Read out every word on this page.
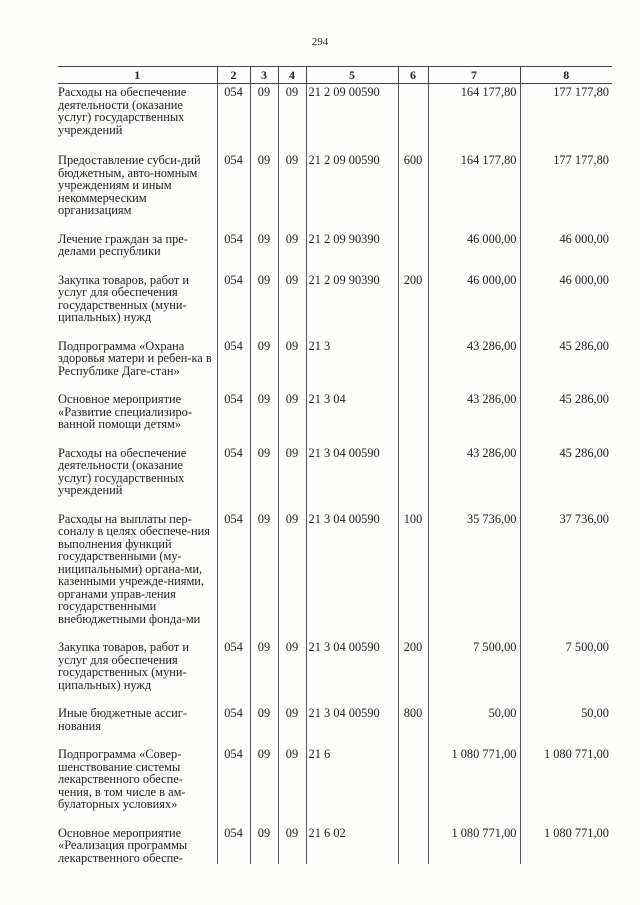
294
1	2	3	4	5	6	7	8
Расходы на обеспечение деятельности (оказание услуг) государственных учреждений	054	09	09	21 2 09 00590		164 177,80	177 177,80
Предоставление субси-дий бюджетным, авто-номным учреждениям и иным некоммерческим организациям	054	09	09	21 2 09 00590	600	164 177,80	177 177,80
Лечение граждан за пре-делами республики	054	09	09	21 2 09 90390		46 000,00	46 000,00
Закупка товаров, работ и услуг для обеспечения государственных (муни-ципальных) нужд	054	09	09	21 2 09 90390	200	46 000,00	46 000,00
Подпрограмма «Охрана здоровья матери и ребен-ка в Республике Даге-стан»	054	09	09	21 3		43 286,00	45 286,00
Основное мероприятие «Развитие специализиро-ванной помощи детям»	054	09	09	21 3 04		43 286,00	45 286,00
Расходы на обеспечение деятельности (оказание услуг) государственных учреждений	054	09	09	21 3 04 00590		43 286,00	45 286,00
Расходы на выплаты пер-соналу в целях обеспече-ния выполнения функций государственными (му-ниципальными) органа-ми, казенными учрежде-ниями, органами управ-ления государственными внебюджетными фонда-ми	054	09	09	21 3 04 00590	100	35 736,00	37 736,00
Закупка товаров, работ и услуг для обеспечения государственных (муни-ципальных) нужд	054	09	09	21 3 04 00590	200	7 500,00	7 500,00
Иные бюджетные ассиг-нования	054	09	09	21 3 04 00590	800	50,00	50,00
Подпрограмма «Совер-шенствование системы лекарственного обеспе-чения, в том числе в ам-булаторных условиях»	054	09	09	21 6		1 080 771,00	1 080 771,00
Основное мероприятие «Реализация программы лекарственного обеспе-	054	09	09	21 6 02		1 080 771,00	1 080 771,00
